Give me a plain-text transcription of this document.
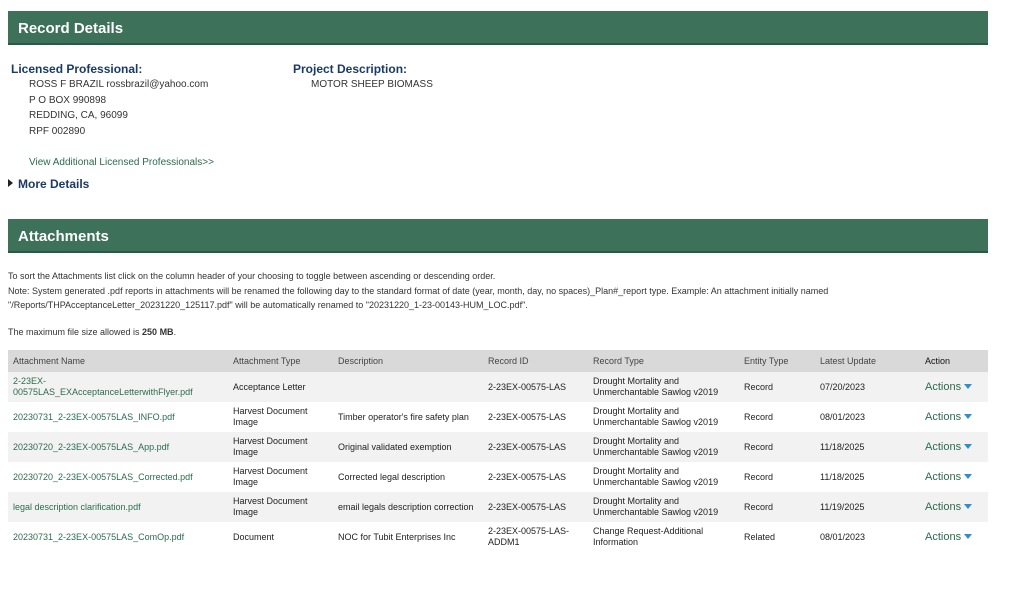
Record Details
Licensed Professional:
ROSS F BRAZIL rossbrazil@yahoo.com
P O BOX 990898
REDDING, CA, 96099
RPF 002890
View Additional Licensed Professionals>>
Project Description:
MOTOR SHEEP BIOMASS
More Details
Attachments
To sort the Attachments list click on the column header of your choosing to toggle between ascending or descending order.
Note: System generated .pdf reports in attachments will be renamed the following day to the standard format of date (year, month, day, no spaces)_Plan#_report type. Example: An attachment initially named
"/Reports/THPAcceptanceLetter_20231220_125117.pdf" will be automatically renamed to "20231220_1-23-00143-HUM_LOC.pdf".
The maximum file size allowed is 250 MB.
Attachment Name	Attachment Type	Description	Record ID	Record Type	Entity Type	Latest Update	Action
2-23EX-00575LAS_EXAcceptanceLetterwithFlyer.pdf	Acceptance Letter		2-23EX-00575-LAS	Drought Mortality and Unmerchantable Sawlog v2019	Record	07/20/2023	Actions
20230731_2-23EX-00575LAS_INFO.pdf	Harvest Document Image	Timber operator's fire safety plan	2-23EX-00575-LAS	Drought Mortality and Unmerchantable Sawlog v2019	Record	08/01/2023	Actions
20230720_2-23EX-00575LAS_App.pdf	Harvest Document Image	Original validated exemption	2-23EX-00575-LAS	Drought Mortality and Unmerchantable Sawlog v2019	Record	11/18/2025	Actions
20230720_2-23EX-00575LAS_Corrected.pdf	Harvest Document Image	Corrected legal description	2-23EX-00575-LAS	Drought Mortality and Unmerchantable Sawlog v2019	Record	11/18/2025	Actions
legal description clarification.pdf	Harvest Document Image	email legals description correction	2-23EX-00575-LAS	Drought Mortality and Unmerchantable Sawlog v2019	Record	11/19/2025	Actions
20230731_2-23EX-00575LAS_ComOp.pdf	Document	NOC for Tubit Enterprises Inc	2-23EX-00575-LAS-ADDM1	Change Request-Additional Information	Related	08/01/2023	Actions
